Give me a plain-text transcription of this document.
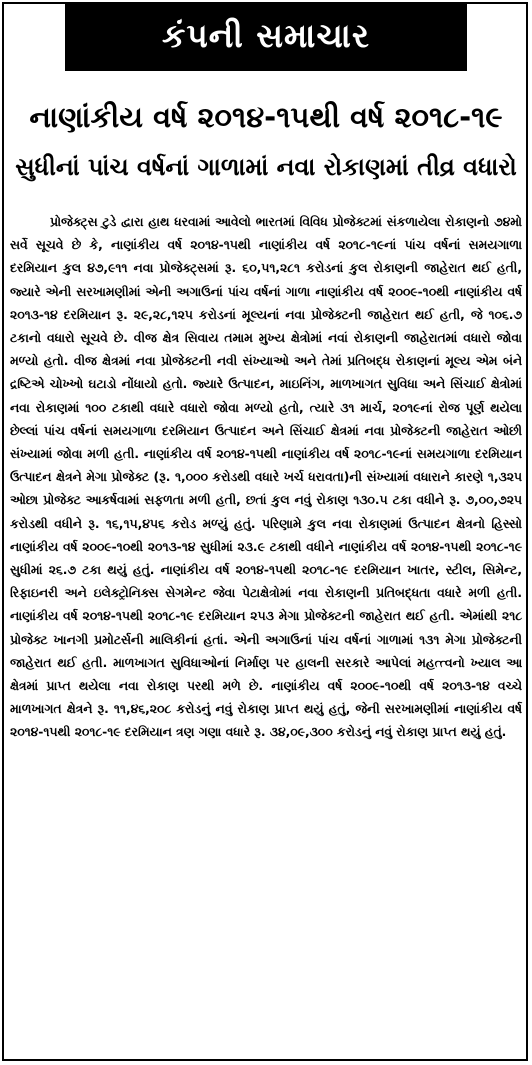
કંપની સમાચાર
નાણાંકીય વર્ષ ૨૦૧૪-૧૫થી વર્ષ ૨૦૧૮-૧૯
સુધીનાં પાંચ વર્ષનાં ગાળામાં નવા રોકાણમાં તીવ્ર વધારો

પ્રોજેક્ટ્સ ટુડે દ્વારા હાથ ધરવામાં આવેલો ભારતમાં વિવિધ પ્રોજેક્ટમાં સંકળાયેલા રોકાણનો ૭૪મો સર્વે સૂચવે છે કે, નાણાંકીય વર્ષ ૨૦૧૪-૧૫થી નાણાંકીય વર્ષ ૨૦૧૮-૧૯નાં પાંચ વર્ષનાં સમયગાળા દરમિયાન કુલ ૪૭,૯૧૧ નવા પ્રોજેક્ટ્સમાં રૂ. ૬૦,૫૧,૨૮૧ કરોડનાં કુલ રોકાણની જાહેરાત થઈ હતી, જ્યારે એની સરખામણીમાં એની અગાઉનાં પાંચ વર્ષનાં ગાળા નાણાંકીય વર્ષ ૨૦૦૯-૧૦થી નાણાંકીય વર્ષ ૨૦૧૩-૧૪ દરમિયાન રૂ. ૨૯,૨૮,૧૨૫ કરોડનાં મૂલ્યનાં નવા પ્રોજેક્ટની જાહેરાત થઈ હતી, જે ૧૦૬.૭ ટકાનો વધારો સૂચવે છે. વીજ ક્ષેત્ર સિવાય તમામ મુખ્ય ક્ષેત્રોમાં નવાં રોકાણની જાહેરાતમાં વધારો જોવા મળ્યો હતો. વીજ ક્ષેત્રમાં નવા પ્રોજેક્ટની નવી સંખ્યાઓ અને તેમાં પ્રતિબદ્ધ રોકાણનાં મૂલ્ય એમ બંને દ્રષ્ટિએ ચોખ્ખો ઘટાડો નોંધાયો હતો. જ્યારે ઉત્પાદન, માઇનિંગ, માળખાગત સુવિધા અને સિંચાઈ ક્ષેત્રોમાં નવા રોકાણમાં ૧૦૦ ટકાથી વધારે વધારો જોવા મળ્યો હતો, ત્યારે ૩૧ માર્ચ, ૨૦૧૯નાં રોજ પૂર્ણ થયેલા છેલ્લાં પાંચ વર્ષનાં સમયગાળા દરમિયાન ઉત્પાદન અને સિંચાઈ ક્ષેત્રમાં નવા પ્રોજેક્ટની જાહેરાત ઓછી સંખ્યામાં જોવા મળી હતી. નાણાંકીય વર્ષ ૨૦૧૪-૧૫થી નાણાંકીય વર્ષ ૨૦૧૮-૧૯નાં સમયગાળા દરમિયાન ઉત્પાદન ક્ષેત્રને મેગા પ્રોજેક્ટ (રૂ. ૧,૦૦૦ કરોડથી વધારે ખર્ચ ધરાવતા)ની સંખ્યામાં વધારાને કારણે ૧,૩૨૫ ઓછા પ્રોજેક્ટ આકર્ષવામાં સફળતા મળી હતી, છતાં કુલ નવું રોકાણ ૧૩૦.૫ ટકા વધીને રૂ. ૭,૦૦,૭૨૫ કરોડથી વધીને રૂ. ૧૬,૧૫,૪૫૬ કરોડ મળ્યું હતું. પરિણામે કુલ નવા રોકાણમાં ઉત્પાદન ક્ષેત્રનો હિસ્સો નાણાંકીય વર્ષ ૨૦૦૯-૧૦થી ૨૦૧૩-૧૪ સુધીમાં ૨૩.૯ ટકાથી વધીને નાણાંકીય વર્ષ ૨૦૧૪-૧૫થી ૨૦૧૮-૧૯ સુધીમાં ૨૬.૭ ટકા થયું હતું. નાણાંકીય વર્ષ ૨૦૧૪-૧૫થી ૨૦૧૮-૧૯ દરમિયાન ખાતર, સ્ટીલ, સિમેન્ટ, રિફાઇનરી અને ઇલેક્ટ્રોનિક્સ સેગમેન્ટ જેવા પેટાક્ષેત્રોમાં નવા રોકાણની પ્રતિબદ્ધતા વધારે મળી હતી. નાણાંકીય વર્ષ ૨૦૧૪-૧૫થી ૨૦૧૮-૧૯ દરમિયાન ૨૫૩ મેગા પ્રોજેક્ટની જાહેરાત થઈ હતી. એમાંથી ૨૧૮ પ્રોજેક્ટ ખાનગી પ્રમોટર્સની માલિકીનાં હતાં. એની અગાઉનાં પાંચ વર્ષનાં ગાળામાં ૧૩૧ મેગા પ્રોજેક્ટની જાહેરાત થઈ હતી. માળખાગત સુવિધાઓનાં નિર્માણ પર હાલની સરકારે આપેલાં મહત્ત્વનો ખ્યાલ આ ક્ષેત્રમાં પ્રાપ્ત થયેલા નવા રોકાણ પરથી મળે છે. નાણાંકીય વર્ષ ૨૦૦૯-૧૦થી વર્ષ ૨૦૧૩-૧૪ વચ્ચે માળખાગત ક્ષેત્રને રૂ. ૧૧,૪૬,૨૦૮ કરોડનું નવું રોકાણ પ્રાપ્ત થયું હતું, જેની સરખામણીમાં નાણાંકીય વર્ષ ૨૦૧૪-૧૫થી ૨૦૧૮-૧૯ દરમિયાન ત્રણ ગણા વધારે રૂ. ૩૪,૦૯,૩૦૦ કરોડનું નવું રોકાણ પ્રાપ્ત થયું હતું.
